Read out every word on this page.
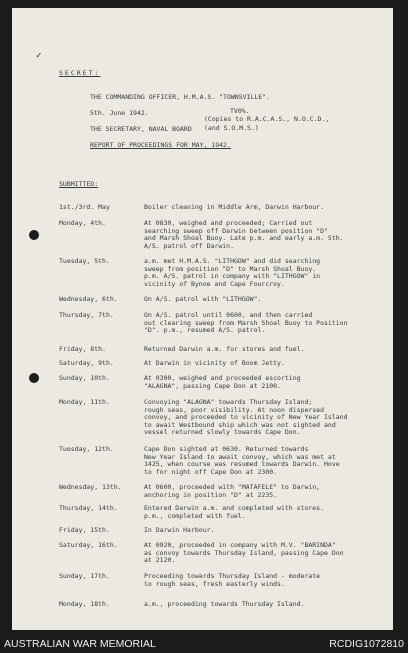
✓
SECRET:
THE COMMANDING OFFICER, H.M.A.S. "TOWNSVILLE".
5th. June 1942.	TV0%.
(Copies to R.A.C.A.S., N.O.C.D.,
THE SECRETARY, NAVAL BOARD (and S.O.M.S.)
REPORT OF PROCEEDINGS FOR MAY, 1942.
SUBMITTED:
1st./3rd. May	Boiler cleaning in Middle Arm, Darwin Harbour.
Monday, 4th.	At 0830, weighed and proceeded; Carried out
searching sweep off Darwin between position "D"
and Marsh Shoal Buoy. Late p.m. and early a.m. 5th.
A/S. patrol off Darwin.
Tuesday, 5th.	a.m. met H.M.A.S. "LITHGOW" and did searching
sweep from position "D" to Marsh Shoal Buoy.
p.m. A/S. patrol in company with "LITHGOW" in
vicinity of Bynoe and Cape Fourcroy.
Wednesday, 6th.	On A/S. patrol with "LITHGOW".
Thursday, 7th.	On A/S. patrol until 0600, and then carried
out clearing sweep from Marsh Shoal Buoy to Position
"D". p.m., resumed A/S. patrol.
Friday, 8th.	Returned Darwin a.m. for stores and fuel.
Saturday, 9th.	At Darwin in vicinity of Boom Jetty.
Sunday, 10th.	At 0300, weighed and proceeded escorting
"ALAGNA", passing Cape Don at 2100.
Monday, 11th.	Convoying "ALAGNA" towards Thursday Island;
rough seas, poor visibility. At noon dispersed
convoy, and proceeded to vicinity of New Year Island
to await Westbound ship which was not sighted and
vessel returned slowly towards Cape Don.
Tuesday, 12th.	Cape Don sighted at 0630. Returned towards
New Year Island to await convoy, which was met at
1425, when course was resumed towards Darwin. Hove
to for night off Cape Don at 2300.
Wednesday, 13th.	At 0600, proceeded with "MATAFELE" to Darwin,
anchoring in position "D" at 2235.
Thursday, 14th.	Entered Darwin a.m. and completed with stores.
p.m., completed with fuel.
Friday, 15th.	In Darwin Harbour.
Saturday, 16th.	At 0920, proceeded in company with M.V. "BARINDA"
as convoy towards Thursday Island, passing Cape Don
at 2120.
Sunday, 17th.	Proceeding towards Thursday Island - moderate
to rough seas, fresh easterly winds.
Monday, 18th.	a.m., proceeding towards Thursday Island.
AUSTRALIAN WAR MEMORIAL	RCDIG1072810
